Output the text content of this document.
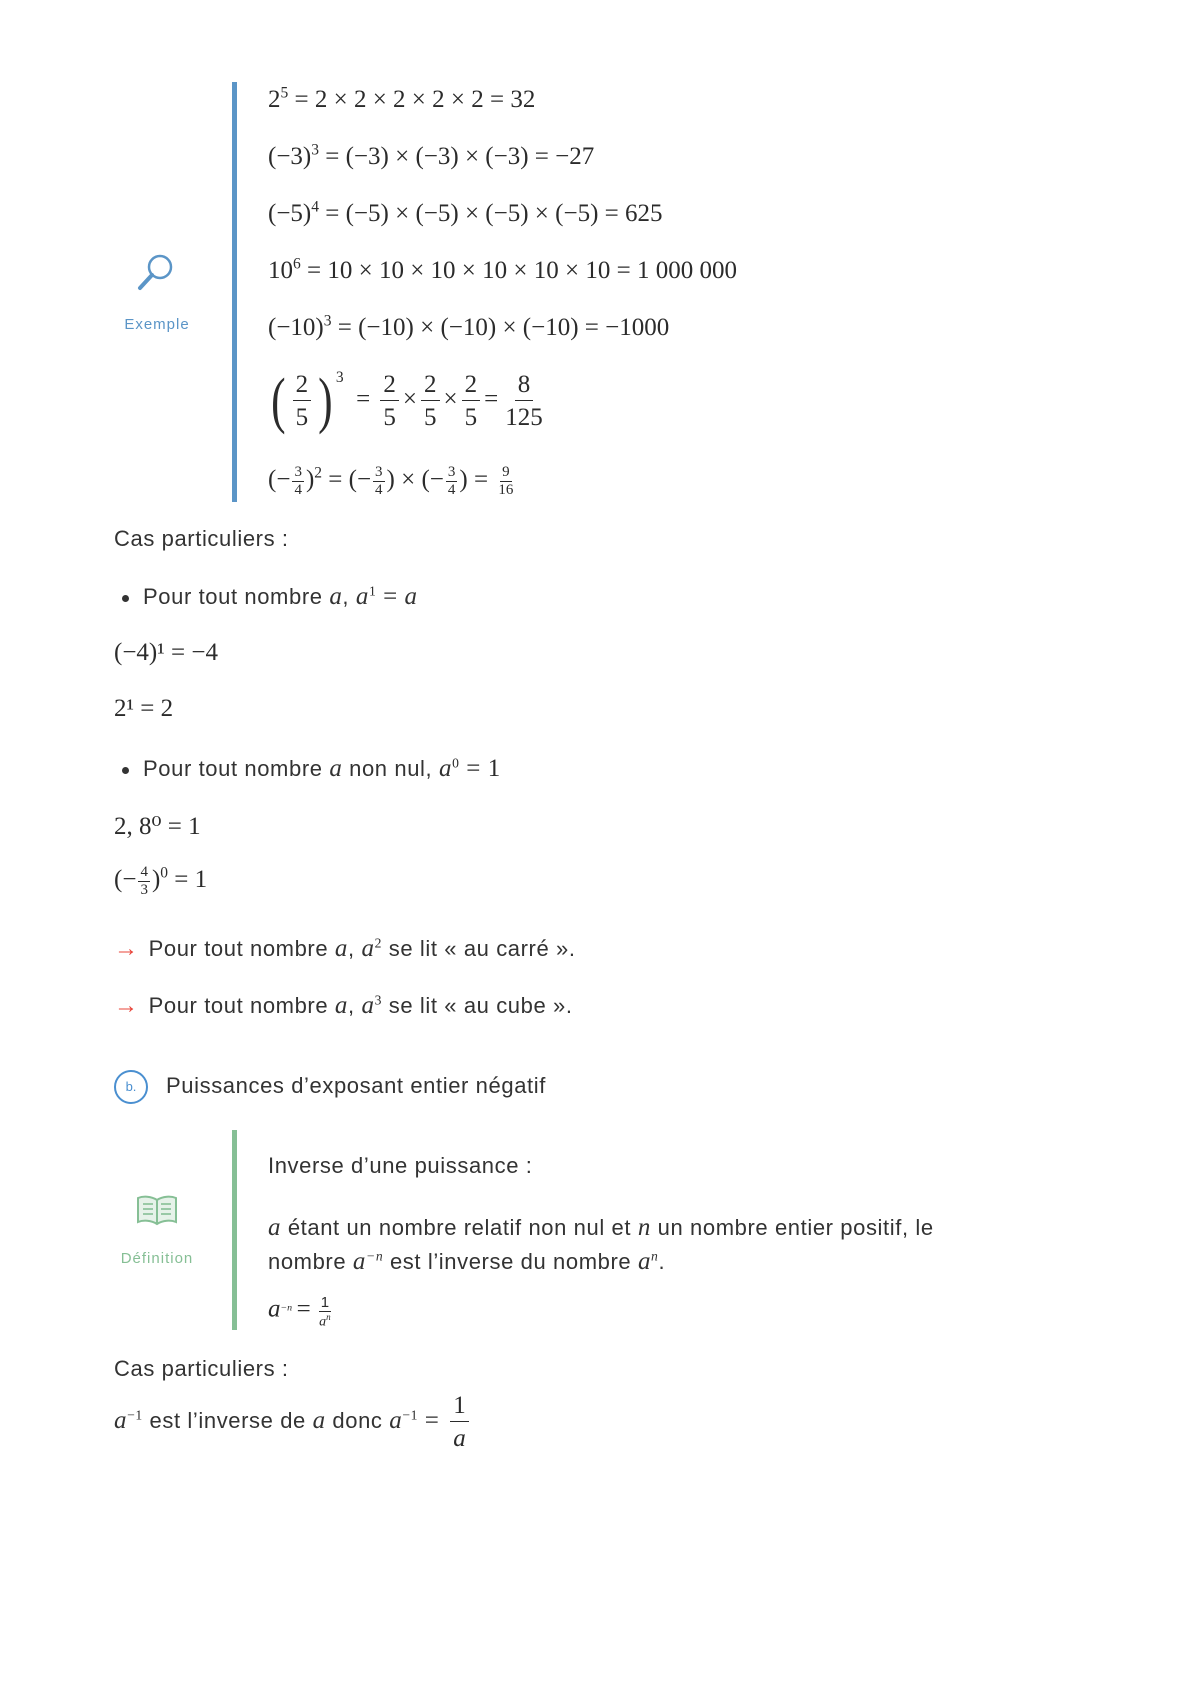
Exemple
$2^5 = 2 \times 2 \times 2 \times 2 \times 2 = 32$
$(-3)^3 = (-3) \times (-3) \times (-3) = -27$
$(-5)^4 = (-5) \times (-5) \times (-5) \times (-5) = 625$
$10^6 = 10 \times 10 \times 10 \times 10 \times 10 \times 10 = 1$ 000 000
$(-10)^3 = (-10) \times (-10) \times (-10) = -1000$
( $\frac{2}{5}$ ) $^3 = \frac{2}{5} \times \frac{2}{5} \times \frac{2}{5} = \frac{8}{125}$
(− $\frac{3}{4} )^2$ = (− $\frac{3}{4}$ ) × (− $\frac{3}{4}$ ) = $\frac{9}{16}$
Cas particuliers :
Pour tout nombre a, $a^1 = a$
(−4)¹ = −4
2¹ = 2
Pour tout nombre a non nul, $a^0 = 1$
2, 8⁰ = 1
(− $\frac{4}{3} )^0 = 1$
→ Pour tout nombre a, $a^2$ se lit « au carré ».
→ Pour tout nombre a, $a^3$ se lit « au cube ».
b.	Puissances d’exposant entier négatif
Définition
Inverse d’une puissance :
a étant un nombre relatif non nul et n un nombre entier positif, le
nombre $a^{-n}$ est l’inverse du nombre $a^n$.
$a^{-n} = \frac{1}{a^n}$
Cas particuliers :
$a^{-1}$ est l’inverse de a donc $a^{-1} = \frac{1}{a}$
